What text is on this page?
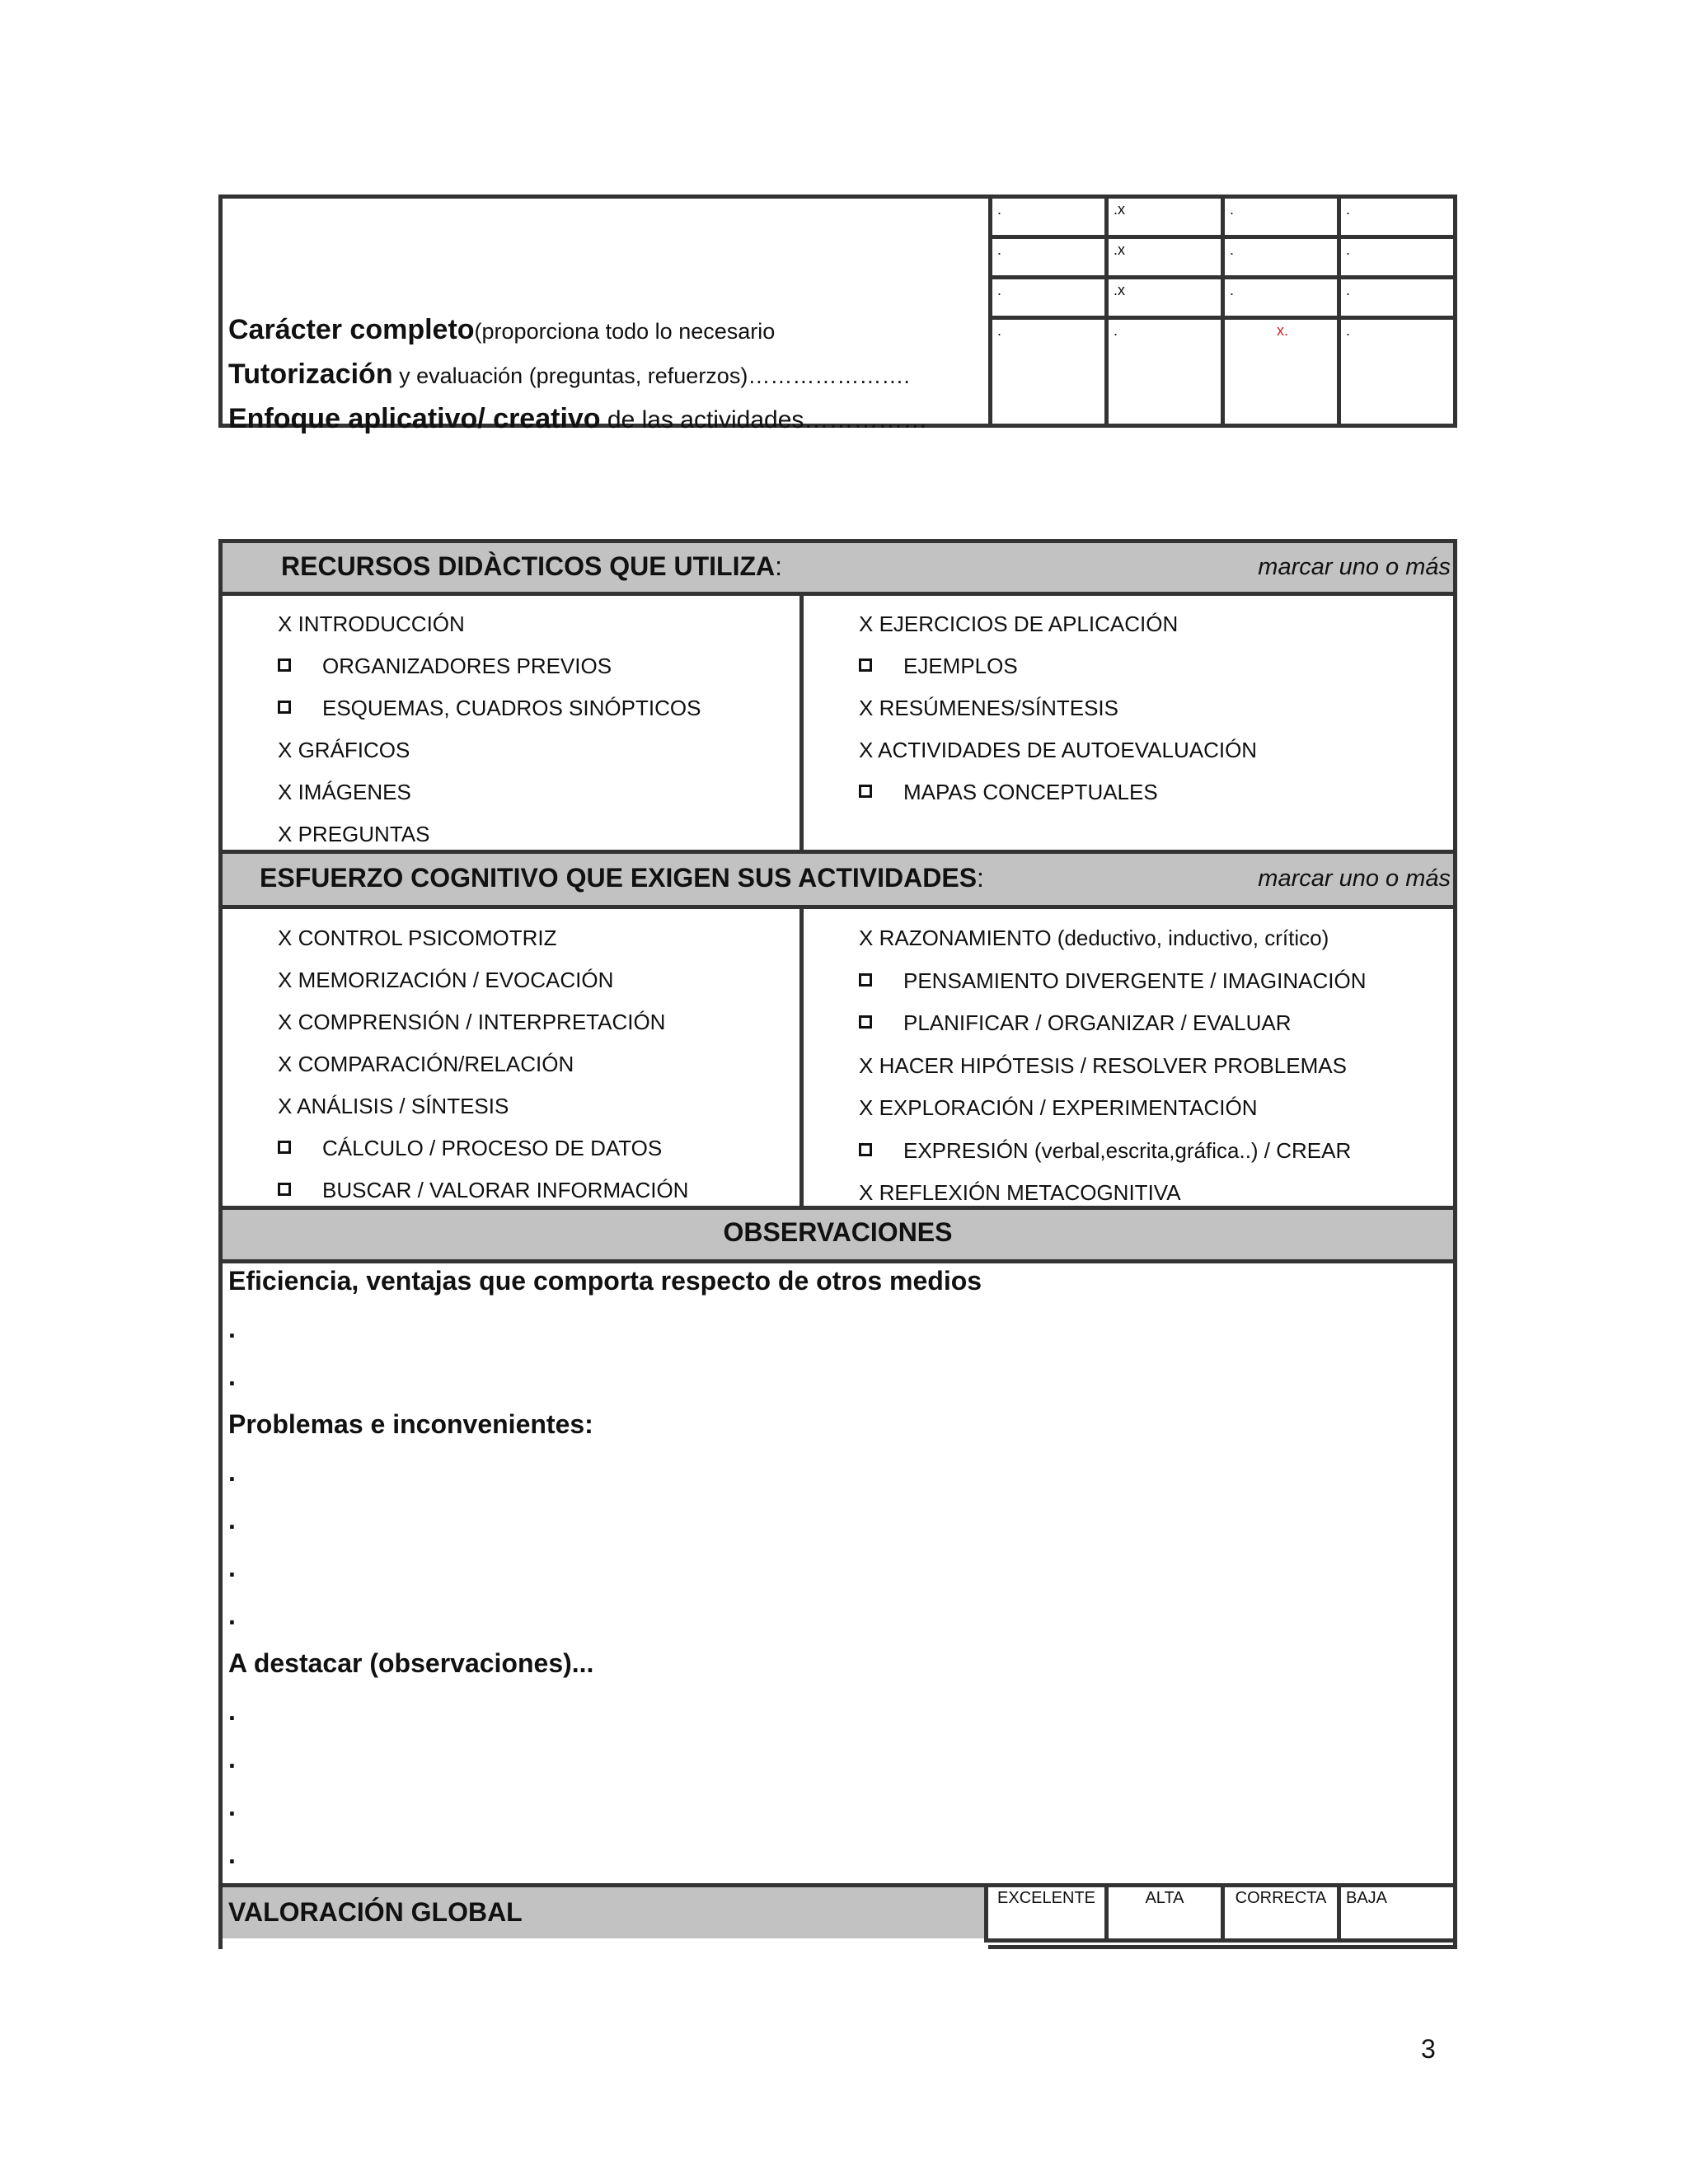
.	.x	.	.
.	.x	.	.
.	.x	.	.
.	.	x.	.
Carácter completo(proporciona todo lo necesario
Tutorización y evaluación (preguntas, refuerzos)………………….
Enfoque aplicativo/ creativo de las actividades……………
RECURSOS DIDÀCTICOS QUE UTILIZA:	marcar uno o más
X INTRODUCCIÓN
ORGANIZADORES PREVIOS
ESQUEMAS, CUADROS SINÓPTICOS
X GRÁFICOS
X IMÁGENES
X PREGUNTAS
X EJERCICIOS DE APLICACIÓN
EJEMPLOS
X RESÚMENES/SÍNTESIS
X ACTIVIDADES DE AUTOEVALUACIÓN
MAPAS CONCEPTUALES
ESFUERZO COGNITIVO QUE EXIGEN SUS ACTIVIDADES:	marcar uno o más
X CONTROL PSICOMOTRIZ
X MEMORIZACIÓN / EVOCACIÓN
X COMPRENSIÓN / INTERPRETACIÓN
X COMPARACIÓN/RELACIÓN
X ANÁLISIS / SÍNTESIS
CÁLCULO / PROCESO DE DATOS
BUSCAR / VALORAR INFORMACIÓN
X RAZONAMIENTO (deductivo, inductivo, crítico)
PENSAMIENTO DIVERGENTE / IMAGINACIÓN
PLANIFICAR / ORGANIZAR / EVALUAR
X HACER HIPÓTESIS / RESOLVER PROBLEMAS
X EXPLORACIÓN / EXPERIMENTACIÓN
EXPRESIÓN (verbal,escrita,gráfica..) / CREAR
X REFLEXIÓN METACOGNITIVA
OBSERVACIONES
Eficiencia, ventajas que comporta respecto de otros medios
.
.
Problemas e inconvenientes:
.
.
.
.
A destacar (observaciones)...
.
.
.
.
VALORACIÓN GLOBAL	EXCELENTE	ALTA	CORRECTA	BAJA
3
